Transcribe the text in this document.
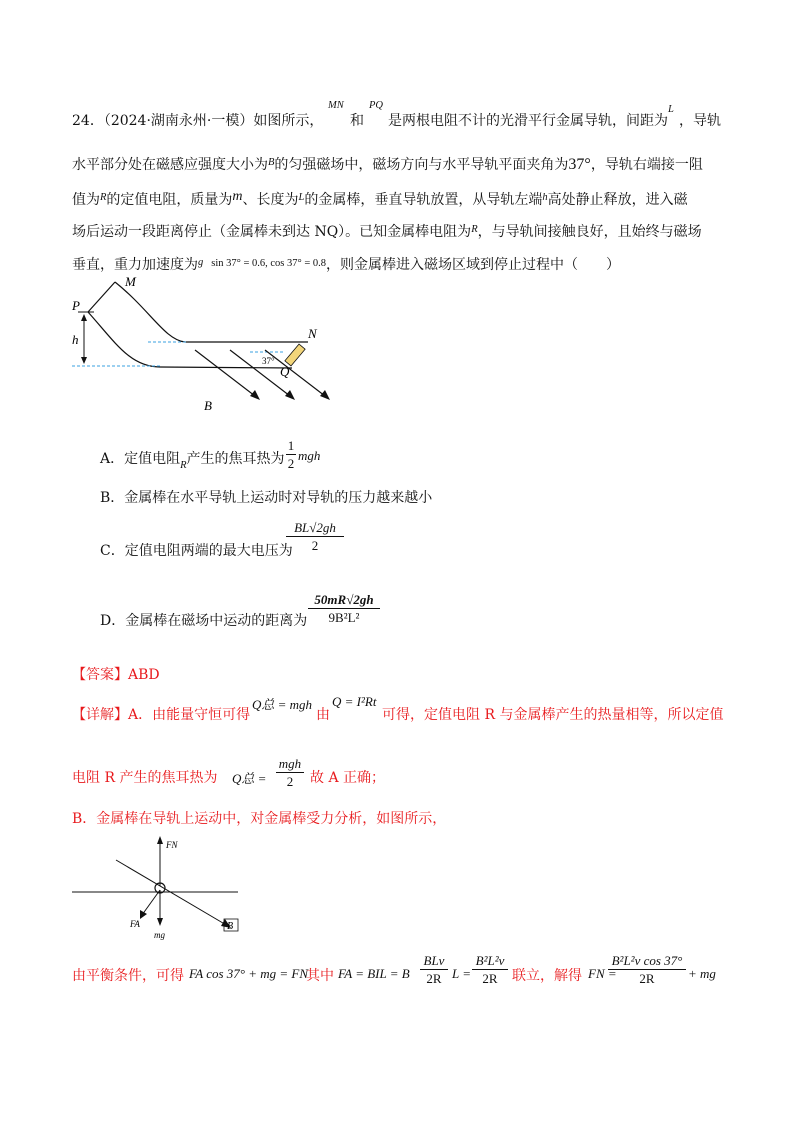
24．（2024·湖南永州·一模）如图所示，
MN
和
PQ
是两根电阻不计的光滑平行金属导轨，间距为
L
，导轨
水平部分处在磁感应强度大小为$^B$的匀强磁场中，磁场方向与水平导轨平面夹角为37°，导轨右端接一阻
值为$^R$的定值电阻，质量为m、长度为$^L$的金属棒，垂直导轨放置，从导轨左端$^h$高处静止释放，进入磁
场后运动一段距离停止（金属棒未到达 NQ）。已知金属棒电阻为$^R$，与导轨间接触良好，且始终与磁场
垂直，重力加速度为$^g$ $^{sin 37^\circ = 0.6, cos 37^\circ = 0.8}$，则金属棒进入磁场区域到停止过程中（　　）
M
P
N
Q
h
B
37°
A．定值电阻$_R$产生的焦耳热为
1
2
mgh
B．金属棒在水平导轨上运动时对导轨的压力越来越小
C．定值电阻两端的最大电压为
BL√2gh
2
D．金属棒在磁场中运动的距离为
50mR√2gh
9B²L²
【答案】ABD
【详解】A．由能量守恒可得
Q总 = mgh
由
Q = I²Rt
可得，定值电阻 R 与金属棒产生的热量相等，所以定值
电阻 R 产生的焦耳热为 Q总 =
mgh
2	故 A 正确；
B．金属棒在导轨上运动中，对金属棒受力分析，如图所示，
FN
FA
mg
B
由平衡条件，可得 FA cos 37° + mg = FN
其中 FA = BIL = B
BLv
2R L =
B²L²v
2R	联立，解得 FN =
B²L²v cos 37°
2R	+ mg
